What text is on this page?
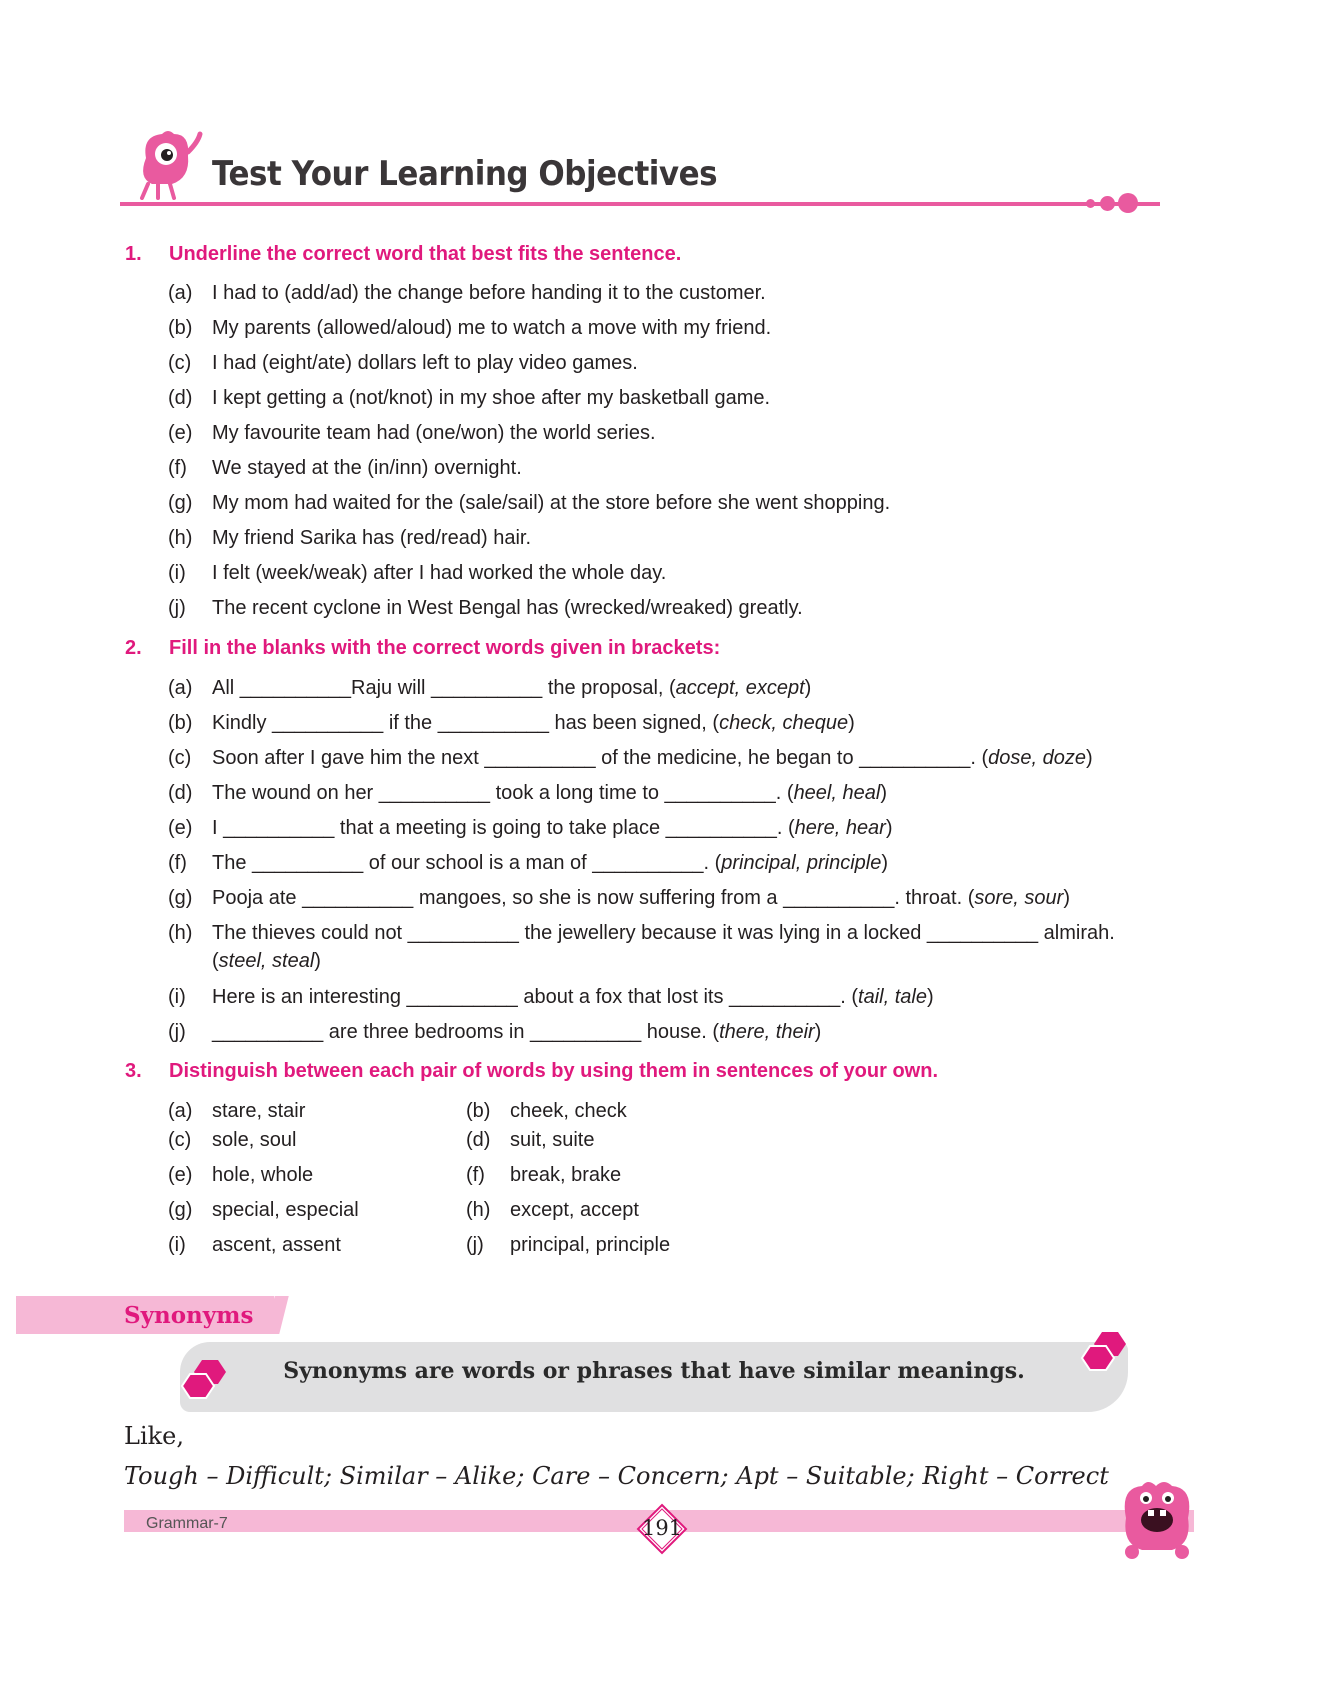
Test Your Learning Objectives
1. Underline the correct word that best fits the sentence.
(a) I had to (add/ad) the change before handing it to the customer.
(b) My parents (allowed/aloud) me to watch a move with my friend.
(c) I had (eight/ate) dollars left to play video games.
(d) I kept getting a (not/knot) in my shoe after my basketball game.
(e) My favourite team had (one/won) the world series.
(f) We stayed at the (in/inn) overnight.
(g) My mom had waited for the (sale/sail) at the store before she went shopping.
(h) My friend Sarika has (red/read) hair.
(i) I felt (week/weak) after I had worked the whole day.
(j) The recent cyclone in West Bengal has (wrecked/wreaked) greatly.
2. Fill in the blanks with the correct words given in brackets:
(a) All __________Raju will __________ the proposal, (accept, except)
(b) Kindly __________ if the __________ has been signed, (check, cheque)
(c) Soon after I gave him the next __________ of the medicine, he began to __________. (dose, doze)
(d) The wound on her __________ took a long time to __________. (heel, heal)
(e) I __________ that a meeting is going to take place __________. (here, hear)
(f) The __________ of our school is a man of __________. (principal, principle)
(g) Pooja ate __________ mangoes, so she is now suffering from a __________. throat. (sore, sour)
(h) The thieves could not __________ the jewellery because it was lying in a locked __________ almirah.
(steel, steal)
(i) Here is an interesting __________ about a fox that lost its __________. (tail, tale)
(j) __________ are three bedrooms in __________ house. (there, their)
3. Distinguish between each pair of words by using them in sentences of your own.
(a) stare, stair	(b) cheek, check
(c) sole, soul	(d) suit, suite
(e) hole, whole	(f) break, brake
(g) special, especial	(h) except, accept
(i) ascent, assent	(j) principal, principle
Synonyms
Synonyms are words or phrases that have similar meanings.
Like,
Tough – Difficult; Similar – Alike; Care – Concern; Apt – Suitable; Right – Correct
Grammar-7	191
